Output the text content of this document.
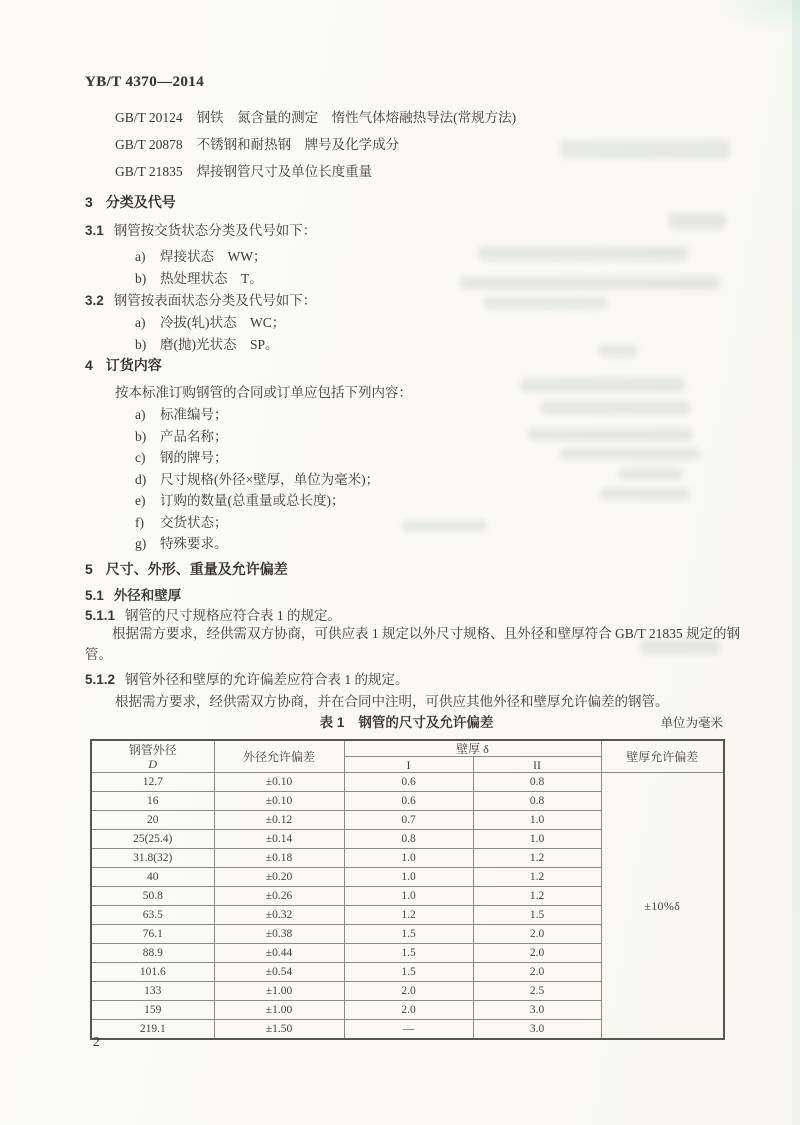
YB/T 4370—2014
GB/T 20124 钢铁　氮含量的测定　惰性气体熔融热导法(常规方法)
GB/T 20878 不锈钢和耐热钢　牌号及化学成分
GB/T 21835 焊接钢管尺寸及单位长度重量
3 分类及代号
3.1 钢管按交货状态分类及代号如下：
a) 焊接状态　WW；
b) 热处理状态　T。
3.2 钢管按表面状态分类及代号如下：
a) 冷拔(轧)状态　WC；
b) 磨(抛)光状态　SP。
4 订货内容
按本标准订购钢管的合同或订单应包括下列内容：
a) 标准编号；
b) 产品名称；
c) 钢的牌号；
d) 尺寸规格(外径×壁厚，单位为毫米)；
e) 订购的数量(总重量或总长度)；
f) 交货状态；
g) 特殊要求。
5 尺寸、外形、重量及允许偏差
5.1 外径和壁厚
5.1.1 钢管的尺寸规格应符合表 1 的规定。
根据需方要求，经供需双方协商，可供应表 1 规定以外尺寸规格、且外径和壁厚符合 GB/T 21835 规定的钢管。
5.1.2 钢管外径和壁厚的允许偏差应符合表 1 的规定。
根据需方要求，经供需双方协商，并在合同中注明，可供应其他外径和壁厚允许偏差的钢管。
表 1 钢管的尺寸及允许偏差	单位为毫米
钢管外径
D	外径允许偏差	壁厚 δ		壁厚允许偏差
		I	II	
12.7	±0.10	0.6	0.8	±10%δ
16	±0.10	0.6	0.8	
20	±0.12	0.7	1.0	
25(25.4)	±0.14	0.8	1.0	
31.8(32)	±0.18	1.0	1.2	
40	±0.20	1.0	1.2	
50.8	±0.26	1.0	1.2	
63.5	±0.32	1.2	1.5	
76.1	±0.38	1.5	2.0	
88.9	±0.44	1.5	2.0	
101.6	±0.54	1.5	2.0	
133	±1.00	2.0	2.5	
159	±1.00	2.0	3.0	
219.1	±1.50	—	3.0	
2
